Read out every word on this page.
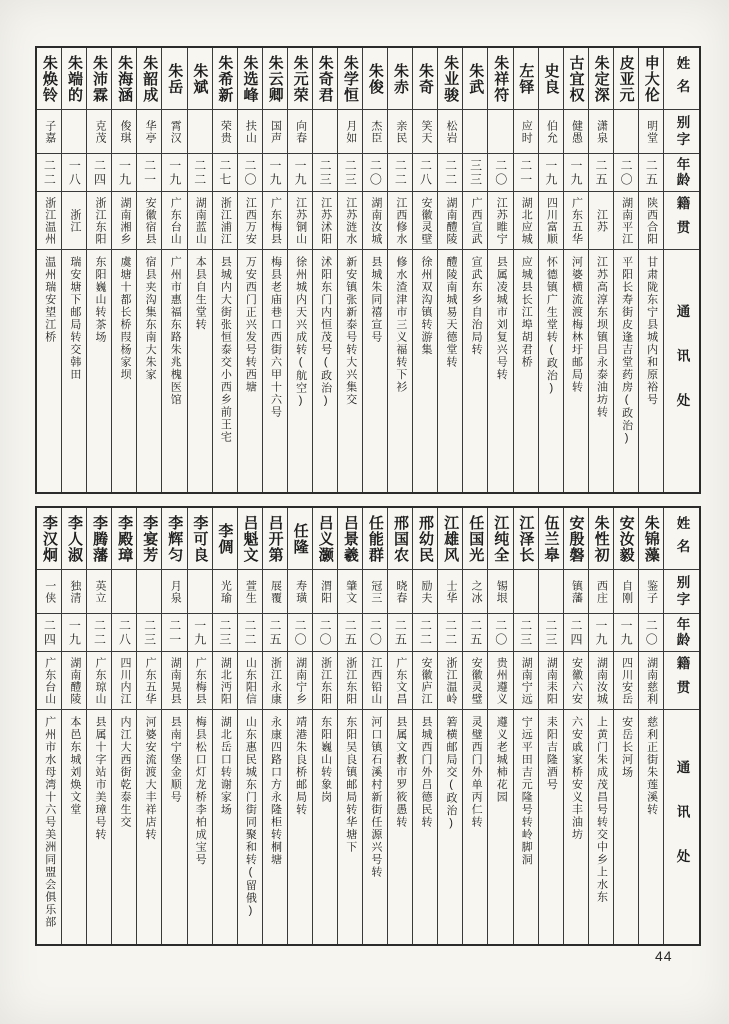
姓名
别字
年龄
籍贯
通讯处
申大伦
明堂
二五
陕西合阳
甘肃陇东宁县城内和原裕号
皮亚元
二〇
湖南平江
平阳长寿街皮逢吉堂药房(政治)
朱定深
潇泉
二五
江苏
江苏高淳东坝镇吕永泰油坊转
古宜权
健愚
一九
广东五华
河婆横流渡梅林圩邮局转
史良
伯允
一九
四川富顺
怀德镇广生堂转(政治)
左铎
应时
二一
湖北应城
应城县长江埠胡君桥
朱祥符
二〇
江苏睢宁
县属凌城市刘复兴号转
朱武
三三
广西宣武
宣武东乡自治局转
朱业骏
松岩
二二
湖南醴陵
醴陵南城易天德堂转
朱奇
笑天
二八
安徽灵壁
徐州双沟镇转游集
朱赤
亲民
二二
江西修水
修水渣津市三义福转下衫
朱俊
杰臣
二〇
湖南汝城
县城朱同禧宣号
朱学恒
月如
二三
江苏涟水
新安镇张新泰号转大兴集交
朱奇君
二三
江苏沭阳
沭阳东门内恒茂号(政治)
朱元荣
向春
一九
江苏铜山
徐州城内天兴成转(航空)
朱云卿
国声
一九
广东梅县
梅县老庙巷口西街六甲十六号
朱选峰
扶山
二〇
江西万安
万安西门正兴发号转西塘
朱希新
荣贵
二七
浙江浦江
县城内大街张恒泰交小西乡前王宅
朱斌
二二
湖南蓝山
本县自生堂转
朱岳
霄汉
一九
广东台山
广州市惠福东路朱兆槐医馆
朱韶成
华亭
二一
安徽宿县
宿县夹沟集东南大朱家
朱海涵
俊琪
一九
湖南湘乡
虞塘十都长桥叚杨家坝
朱沛霖
克茂
二四
浙江东阳
东阳巍山转茶场
朱端的
一八
浙江
瑞安塘下邮局转交韩田
朱焕铃
子嘉
二二
浙江温州
温州瑞安望江桥
姓名
别字
年龄
籍贯
通讯处
朱锦藻
鉴子
二〇
湖南慈利
慈利正街朱莲溪转
安汝毅
自刚
一九
四川安岳
安岳长河场
朱性初
西庄
一九
湖南汝城
上黄门朱成茂昌号转交中乡上水东
安殷磐
镇藩
二四
安徽六安
六安戚家桥安义丰油坊
伍兰皋
二三
湖南耒阳
耒阳吉隆酒号
江泽长
二三
湖南宁远
宁远平田吉元隆号转岭脚洞
江纯全
锡垠
二〇
贵州遵义
遵义老城柿花园
任国光
之冰
二五
安徽灵璧
灵璧西门外单丙仁转
江雄风
士华
二二
浙江温岭
箬横邮局交(政治)
邢幼民
励夫
二二
安徽庐江
县城西门外吕德民转
邢国农
晓春
二五
广东文昌
县属文教市罗筱愚转
任能群
冠三
二〇
江西铅山
河口镇石溪村新街任源兴号转
吕景羲
肇文
二五
浙江东阳
东阳吴良镇邮局转华塘下
吕义灏
渭阳
二〇
浙江东阳
东阳巍山转象岗
任隆
寿璜
二〇
湖南宁乡
靖港朱良桥邮局转
吕开第
展覆
二五
浙江永康
永康四路口方永隆柜转桐塘
吕魁文
萱生
二二
山东阳信
山东惠民城东门街同聚和转(留俄)
李倜
光瑜
二三
湖北沔阳
湖北岳口转谢家场
李可良
一九
广东梅县
梅县松口灯龙桥李柏成宝号
李辉匀
月泉
二一
湖南晃县
县南宁堡金顺号
李宴芳
二三
广东五华
河婆安流渡大丰祥店转
李殿璋
二八
四川内江
内江大西街乾泰生交
李腾藩
英立
二二
广东琼山
县属十字站市美璋号转
李人淑
独清
一九
湖南醴陵
本邑东城刘焕文堂
李汉炯
一侠
二四
广东台山
广州市水母湾十六号美洲同盟会俱乐部
44
